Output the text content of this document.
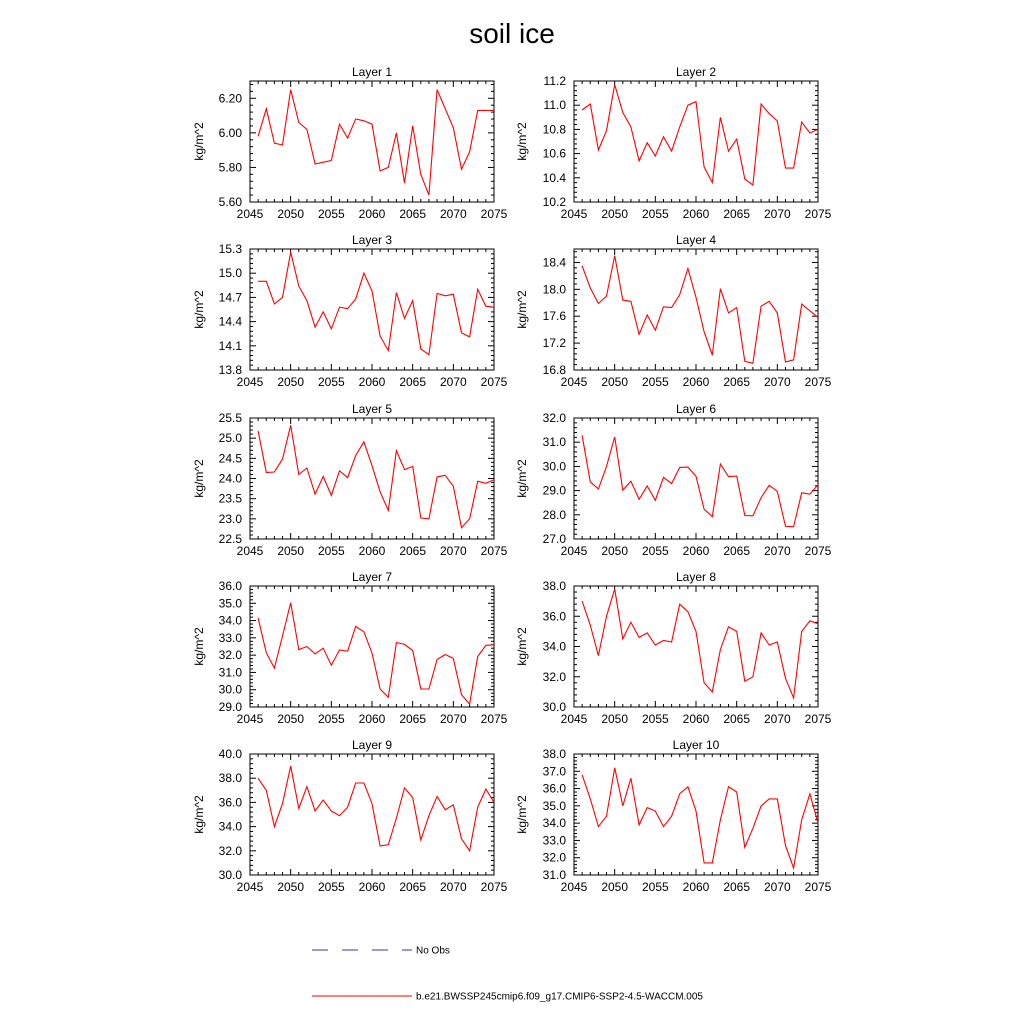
soil ice
Layer 1
kg/m^2
2045 2050 2055 2060 2065 2070 2075
5.60
5.80
6.00
6.20
Layer 2
kg/m^2
2045 2050 2055 2060 2065 2070 2075
10.2
10.4
10.6
10.8
11.0
11.2
Layer 3
kg/m^2
2045 2050 2055 2060 2065 2070 2075
13.8
14.1
14.4
14.7
15.0
15.3
Layer 4
kg/m^2
2045 2050 2055 2060 2065 2070 2075
16.8
17.2
17.6
18.0
18.4
Layer 5
kg/m^2
2045 2050 2055 2060 2065 2070 2075
22.5
23.0
23.5
24.0
24.5
25.0
25.5
Layer 6
kg/m^2
2045 2050 2055 2060 2065 2070 2075
27.0
28.0
29.0
30.0
31.0
32.0
Layer 7
kg/m^2
2045 2050 2055 2060 2065 2070 2075
29.0
30.0
31.0
32.0
33.0
34.0
35.0
36.0
Layer 8
kg/m^2
2045 2050 2055 2060 2065 2070 2075
30.0
32.0
34.0
36.0
38.0
Layer 9
kg/m^2
2045 2050 2055 2060 2065 2070 2075
30.0
32.0
34.0
36.0
38.0
40.0
Layer 10
kg/m^2
2045 2050 2055 2060 2065 2070 2075
31.0
32.0
33.0
34.0
35.0
36.0
37.0
38.0
No Obs
b.e21.BWSSP245cmip6.f09_g17.CMIP6-SSP2-4.5-WACCM.005
